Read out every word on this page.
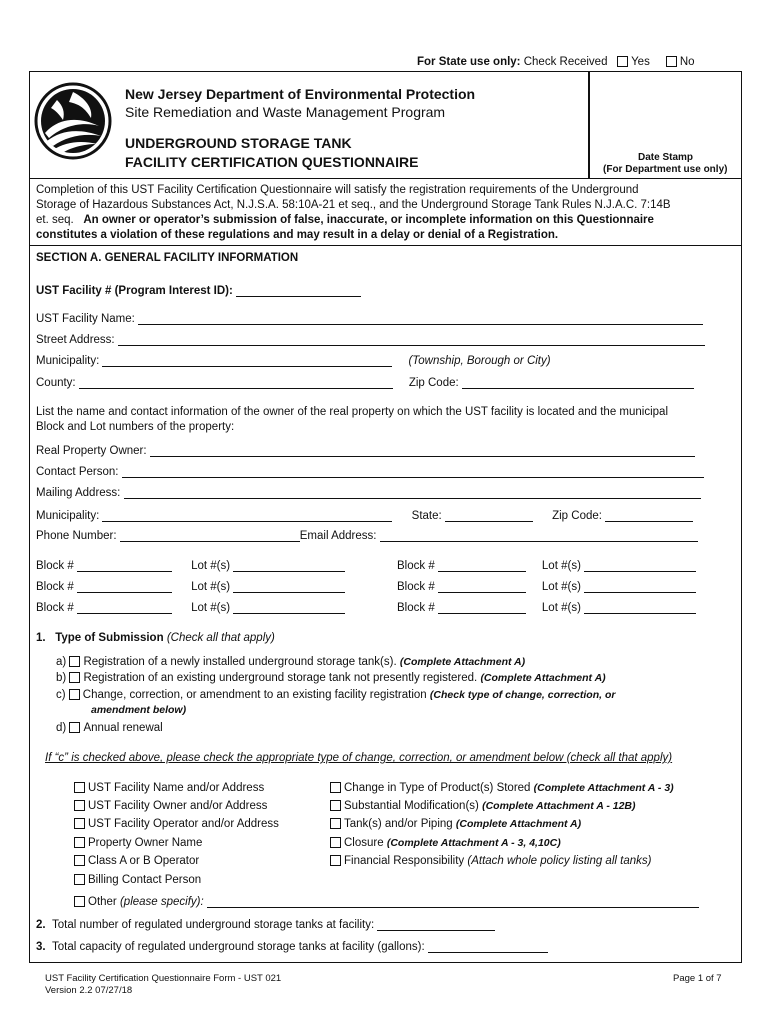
For State use only: Check Received Yes	No
New Jersey Department of Environmental Protection
Site Remediation and Waste Management Program
UNDERGROUND STORAGE TANK
FACILITY CERTIFICATION QUESTIONNAIRE	Date Stamp
(For Department use only)
Completion of this UST Facility Certification Questionnaire will satisfy the registration requirements of the Underground
Storage of Hazardous Substances Act, N.J.S.A. 58:10A-21 et seq., and the Underground Storage Tank Rules N.J.A.C. 7:14B
et. seq. An owner or operator’s submission of false, inaccurate, or incomplete information on this Questionnaire
constitutes a violation of these regulations and may result in a delay or denial of a Registration.
SECTION A. GENERAL FACILITY INFORMATION
UST Facility # (Program Interest ID):
UST Facility Name:
Street Address:
Municipality:	(Township, Borough or City)
County:	Zip Code:
List the name and contact information of the owner of the real property on which the UST facility is located and the municipal
Block and Lot numbers of the property:
Real Property Owner:
Contact Person:
Mailing Address:
Municipality:	State:	Zip Code:
Phone Number:	Email Address:
Block #	Lot #(s)	Block #	Lot #(s)
Block #	Lot #(s)	Block #	Lot #(s)
Block #	Lot #(s)	Block #	Lot #(s)
1. Type of Submission (Check all that apply)
a) Registration of a newly installed underground storage tank(s). (Complete Attachment A)
b) Registration of an existing underground storage tank not presently registered. (Complete Attachment A)
c) Change, correction, or amendment to an existing facility registration (Check type of change, correction, or
amendment below)
d) Annual renewal
If “c” is checked above, please check the appropriate type of change, correction, or amendment below (check all that apply)
UST Facility Name and/or Address
UST Facility Owner and/or Address
UST Facility Operator and/or Address
Property Owner Name
Class A or B Operator
Billing Contact Person
Change in Type of Product(s) Stored (Complete Attachment A - 3)
Substantial Modification(s) (Complete Attachment A - 12B)
Tank(s) and/or Piping (Complete Attachment A)
Closure (Complete Attachment A - 3, 4,10C)
Financial Responsibility (Attach whole policy listing all tanks)
Other (please specify):
2. Total number of regulated underground storage tanks at facility:
3. Total capacity of regulated underground storage tanks at facility (gallons):
UST Facility Certification Questionnaire Form - UST 021
Version 2.2 07/27/18
Page 1 of 7
